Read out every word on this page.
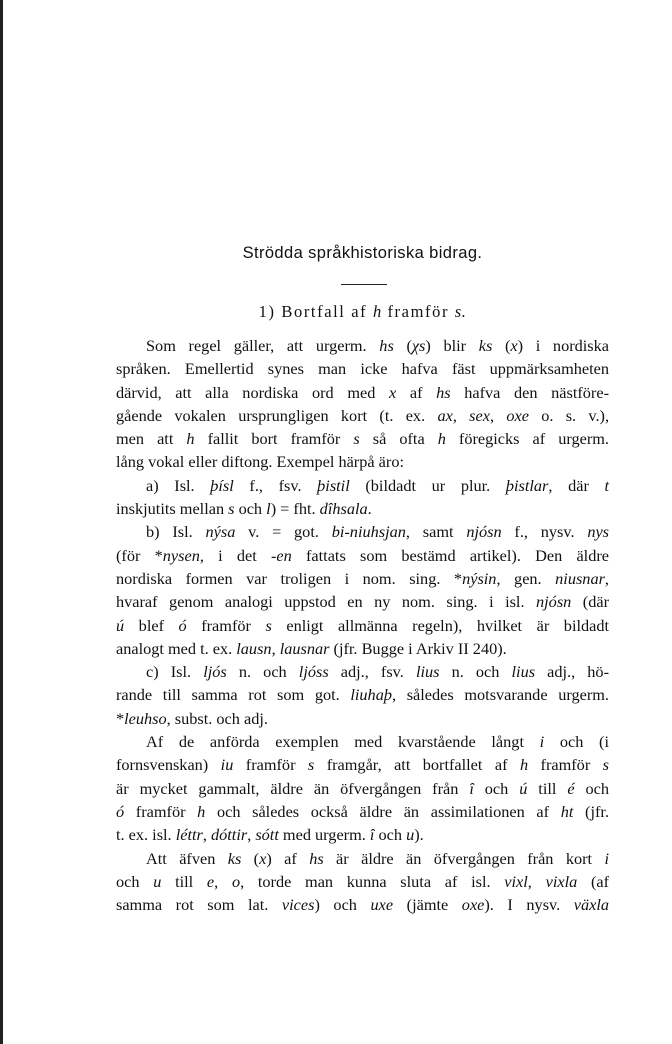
Strödda språkhistoriska bidrag.
1) Bortfall af h framför s.
Som regel gäller, att urgerm. hs (χs) blir ks (x) i nordiska
språken. Emellertid synes man icke hafva fäst uppmärksamheten
därvid, att alla nordiska ord med x af hs hafva den nästföre-
gående vokalen ursprungligen kort (t. ex. ax, sex, oxe o. s. v.),
men att h fallit bort framför s så ofta h föregicks af urgerm.
lång vokal eller diftong. Exempel härpå äro:
a) Isl. þísl f., fsv. þistil (bildadt ur plur. þistlar, där t
inskjutits mellan s och l) = fht. dîhsala.
b) Isl. nýsa v. = got. bi-niuhsjan, samt njósn f., nysv. nys
(för *nysen, i det -en fattats som bestämd artikel). Den äldre
nordiska formen var troligen i nom. sing. *nýsin, gen. niusnar,
hvaraf genom analogi uppstod en ny nom. sing. i isl. njósn (där
ú blef ó framför s enligt allmänna regeln), hvilket är bildadt
analogt med t. ex. lausn, lausnar (jfr. Bugge i Arkiv II 240).
c) Isl. ljós n. och ljóss adj., fsv. lius n. och lius adj., hö-
rande till samma rot som got. liuhaþ, således motsvarande urgerm.
*leuhso, subst. och adj.
Af de anförda exemplen med kvarstående långt i och (i
fornsvenskan) iu framför s framgår, att bortfallet af h framför s
är mycket gammalt, äldre än öfvergången från î och ú till é och
ó framför h och således också äldre än assimilationen af ht (jfr.
t. ex. isl. léttr, dóttir, sótt med urgerm. î och u).
Att äfven ks (x) af hs är äldre än öfvergången från kort i
och u till e, o, torde man kunna sluta af isl. vixl, vixla (af
samma rot som lat. vices) och uxe (jämte oxe). I nysv. växla
